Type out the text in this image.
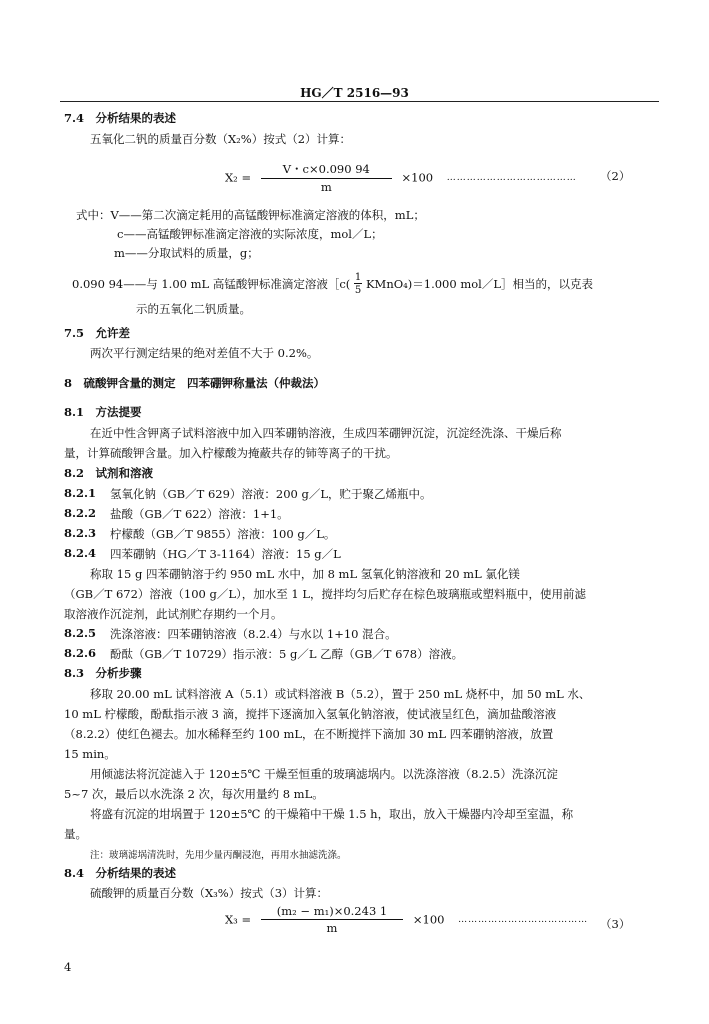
HG／T 2516—93
7.4　分析结果的表述
五氧化二钒的质量百分数（X₂%）按式（2）计算：
$X_2 = \frac{V・c\times 0.090 94}{m} \times 100$ ………………………………… （2）
式中：V——第二次滴定耗用的高锰酸钾标准滴定溶液的体积，mL；
c——高锰酸钾标准滴定溶液的实际浓度，mol／L；
m——分取试料的质量，g；
0.090 94——与 1.00 mL 高锰酸钾标准滴定溶液［c( $\frac{1}{5}$ KMnO₄)＝1.000 mol／L］相当的，以克表
示的五氧化二钒质量。
7.5　允许差
两次平行测定结果的绝对差值不大于 0.2%。
8　硫酸钾含量的测定　四苯硼钾称量法（仲裁法）
8.1　方法提要
在近中性含钾离子试料溶液中加入四苯硼钠溶液，生成四苯硼钾沉淀，沉淀经洗涤、干燥后称
量，计算硫酸钾含量。加入柠檬酸为掩蔽共存的铈等离子的干扰。
8.2　试剂和溶液
8.2.1 氢氧化钠（GB／T 629）溶液：200 g／L，贮于聚乙烯瓶中。
8.2.2 盐酸（GB／T 622）溶液：1+1。
8.2.3 柠檬酸（GB／T 9855）溶液：100 g／L。
8.2.4 四苯硼钠（HG／T 3-1164）溶液：15 g／L
称取 15 g 四苯硼钠溶于约 950 mL 水中，加 8 mL 氢氧化钠溶液和 20 mL 氯化镁
（GB／T 672）溶液（100 g／L），加水至 1 L，搅拌均匀后贮存在棕色玻璃瓶或塑料瓶中，使用前滤
取溶液作沉淀剂，此试剂贮存期约一个月。
8.2.5 洗涤溶液：四苯硼钠溶液（8.2.4）与水以 1+10 混合。
8.2.6 酚酞（GB／T 10729）指示液：5 g／L 乙醇（GB／T 678）溶液。
8.3　分析步骤
移取 20.00 mL 试料溶液 A（5.1）或试料溶液 B（5.2），置于 250 mL 烧杯中，加 50 mL 水、
10 mL 柠檬酸，酚酞指示液 3 滴，搅拌下逐滴加入氢氧化钠溶液，使试液呈红色，滴加盐酸溶液
（8.2.2）使红色褪去。加水稀释至约 100 mL，在不断搅拌下滴加 30 mL 四苯硼钠溶液，放置
15 min。
用倾滤法将沉淀滤入于 120±5℃ 干燥至恒重的玻璃滤埚内。以洗涤溶液（8.2.5）洗涤沉淀
5~7 次，最后以水洗涤 2 次，每次用量约 8 mL。
将盛有沉淀的坩埚置于 120±5℃ 的干燥箱中干燥 1.5 h，取出，放入干燥器内冷却至室温，称
量。
注：玻璃滤埚清洗时，先用少量丙酮浸泡，再用水抽滤洗涤。
8.4　分析结果的表述
硫酸钾的质量百分数（X₃%）按式（3）计算：
$X_3 = \frac{\text{(m₂ − m₁)×0.243 1}}{m} \times 100$ ………………………………… （3）
4
